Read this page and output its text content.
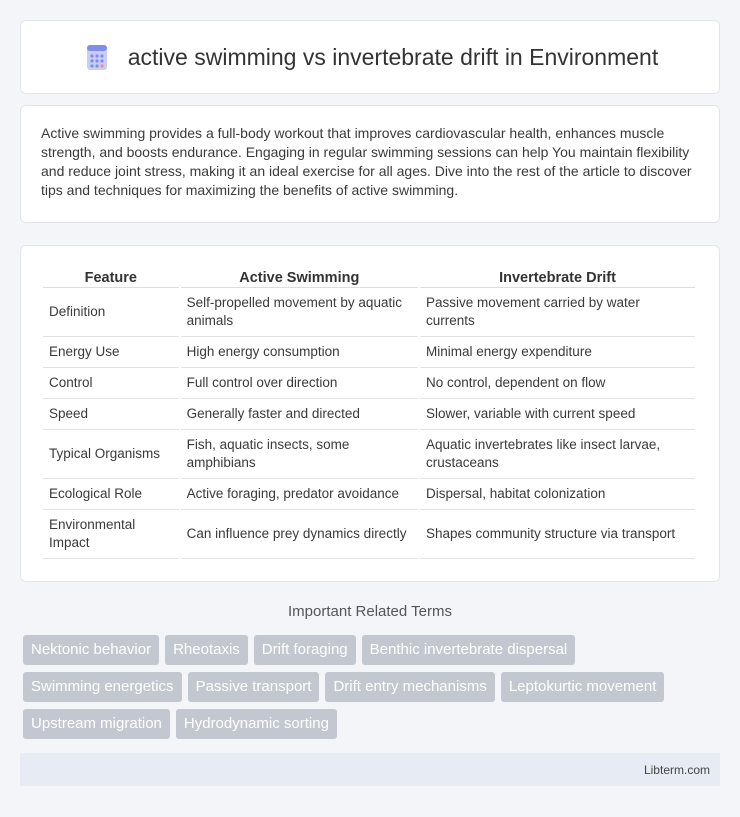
active swimming vs invertebrate drift in Environment

Active swimming provides a full-body workout that improves cardiovascular health, enhances muscle strength, and boosts endurance. Engaging in regular swimming sessions can help You maintain flexibility and reduce joint stress, making it an ideal exercise for all ages. Dive into the rest of the article to discover tips and techniques for maximizing the benefits of active swimming.

Feature	Active Swimming	Invertebrate Drift
Definition	Self-propelled movement by aquatic animals	Passive movement carried by water currents
Energy Use	High energy consumption	Minimal energy expenditure
Control	Full control over direction	No control, dependent on flow
Speed	Generally faster and directed	Slower, variable with current speed
Typical Organisms	Fish, aquatic insects, some amphibians	Aquatic invertebrates like insect larvae, crustaceans
Ecological Role	Active foraging, predator avoidance	Dispersal, habitat colonization
Environmental Impact	Can influence prey dynamics directly	Shapes community structure via transport
Important Related Terms
Nektonic behavior Rheotaxis Drift foraging Benthic invertebrate dispersal
Swimming energetics Passive transport Drift entry mechanisms Leptokurtic movement
Upstream migration Hydrodynamic sorting
Libterm.com
